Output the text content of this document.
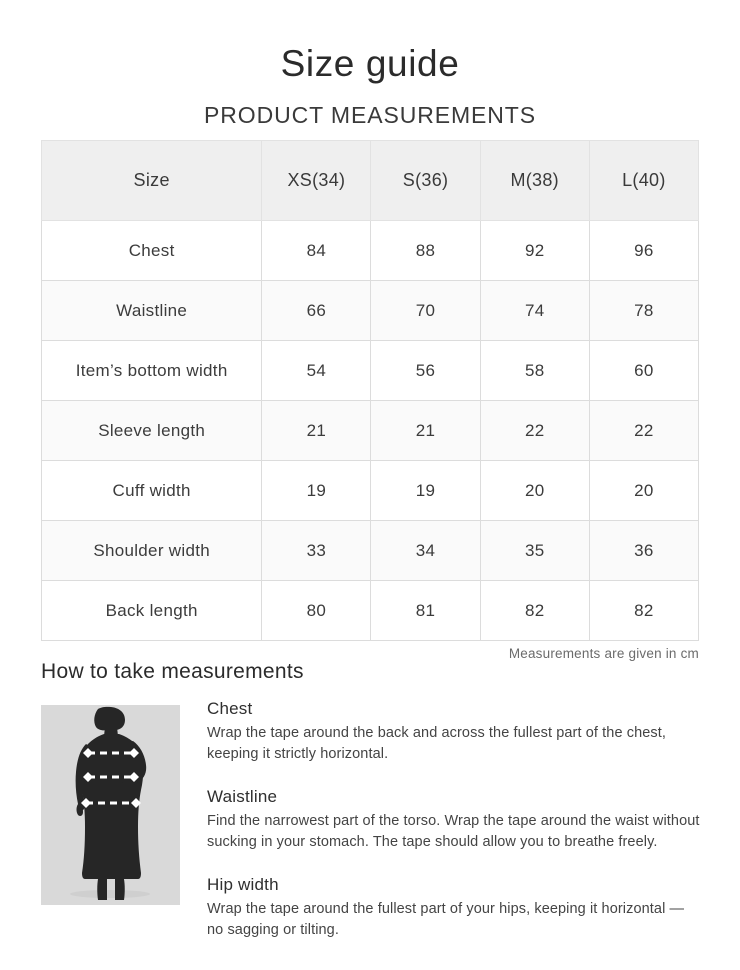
Size guide
PRODUCT MEASUREMENTS
Size	XS(34)	S(36)	M(38)	L(40)
Chest	84	88	92	96
Waistline	66	70	74	78
Item’s bottom width	54	56	58	60
Sleeve length	21	21	22	22
Cuff width	19	19	20	20
Shoulder width	33	34	35	36
Back length	80	81	82	82
Measurements are given in cm
How to take measurements
Chest
Wrap the tape around the back and across the fullest part of the chest, keeping it strictly horizontal.
Waistline
Find the narrowest part of the torso. Wrap the tape around the waist without sucking in your stomach. The tape should allow you to breathe freely.
Hip width
Wrap the tape around the fullest part of your hips, keeping it horizontal — no sagging or tilting.
